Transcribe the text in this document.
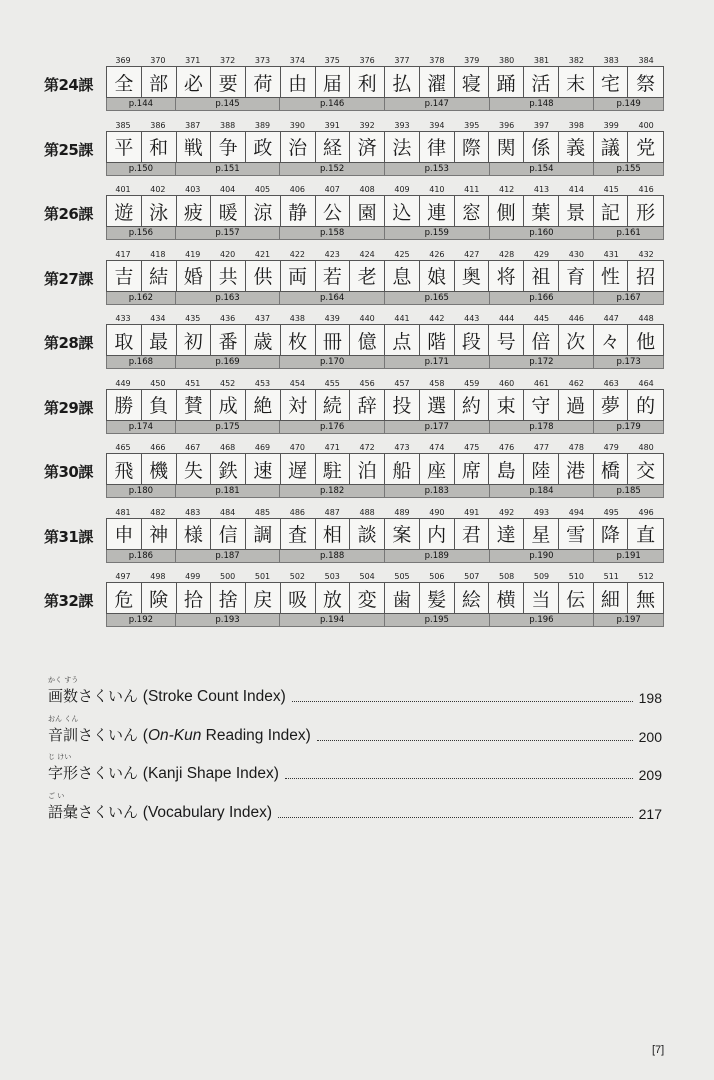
第24課
369	370	371	372	373	374	375	376	377	378	379	380	381	382	383	384
全 部 必 要 荷 由 届 利 払 濯 寝 踊 活 末 宅 祭
p.144	p.145	p.146	p.147	p.148	p.149
第25課
385	386	387	388	389	390	391	392	393	394	395	396	397	398	399	400
平 和 戦 争 政 治 経 済 法 律 際 関 係 義 議 党
p.150	p.151	p.152	p.153	p.154	p.155
第26課
401	402	403	404	405	406	407	408	409	410	411	412	413	414	415	416
遊 泳 疲 暖 涼 静 公 園 込 連 窓 側 葉 景 記 形
p.156	p.157	p.158	p.159	p.160	p.161
第27課
417	418	419	420	421	422	423	424	425	426	427	428	429	430	431	432
吉 結 婚 共 供 両 若 老 息 娘 奥 将 祖 育 性 招
p.162	p.163	p.164	p.165	p.166	p.167
第28課
433	434	435	436	437	438	439	440	441	442	443	444	445	446	447	448
取 最 初 番 歳 枚 冊 億 点 階 段 号 倍 次 々 他
p.168	p.169	p.170	p.171	p.172	p.173
第29課
449	450	451	452	453	454	455	456	457	458	459	460	461	462	463	464
勝 負 賛 成 絶 対 続 辞 投 選 約 束 守 過 夢 的
p.174	p.175	p.176	p.177	p.178	p.179
第30課
465	466	467	468	469	470	471	472	473	474	475	476	477	478	479	480
飛 機 失 鉄 速 遅 駐 泊 船 座 席 島 陸 港 橋 交
p.180	p.181	p.182	p.183	p.184	p.185
第31課
481	482	483	484	485	486	487	488	489	490	491	492	493	494	495	496
申 神 様 信 調 査 相 談 案 内 君 達 星 雪 降 直
p.186	p.187	p.188	p.189	p.190	p.191
第32課
497	498	499	500	501	502	503	504	505	506	507	508	509	510	511	512
危 険 拾 捨 戻 吸 放 変 歯 髪 絵 横 当 伝 細 無
p.192	p.193	p.194	p.195	p.196	p.197
かく すう
画数さくいん (Stroke Count Index)	198
おん くん
音訓さくいん (On-Kun Reading Index)	200
じ けい
字形さくいん (Kanji Shape Index)	209
ご い
語彙さくいん (Vocabulary Index)	217
[7]
